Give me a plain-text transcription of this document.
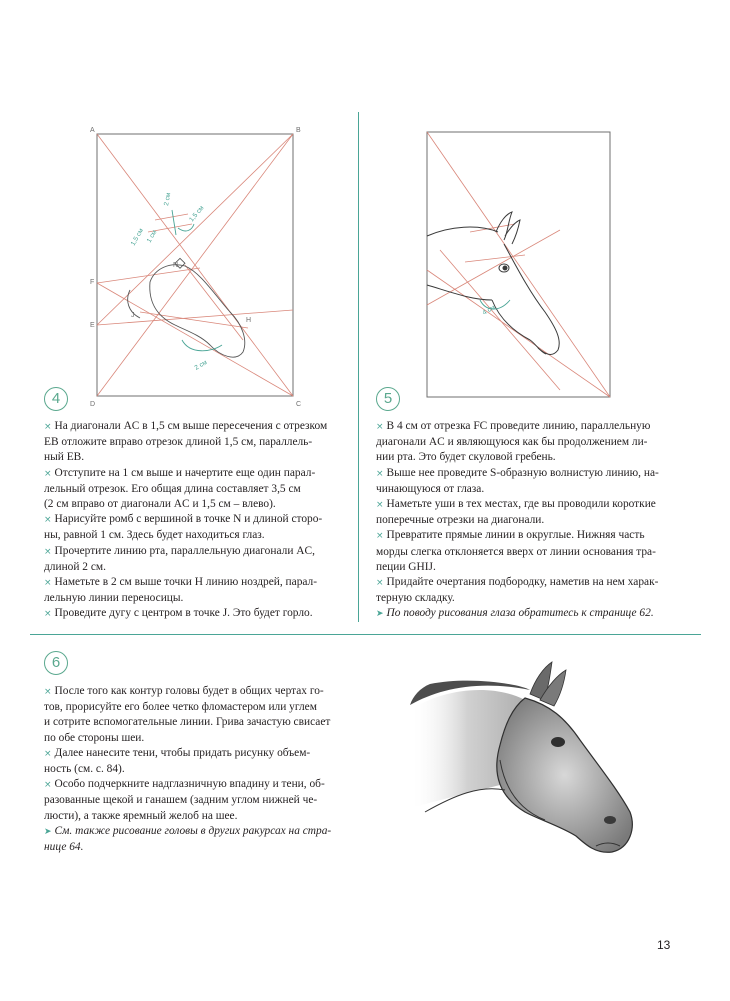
A	B
C
D
F
E
J
N
H
1,5 см 1 см
2 см
1,5 см
2 см
4 см
4	5
6

× На диагонали AC в 1,5 см выше пересечения с отрезком

EB отложите вправо отрезок длиной 1,5 см, параллель-

ный EB.

× Отступите на 1 см выше и начертите еще один парал-

лельный отрезок. Его общая длина составляет 3,5 см

(2 см вправо от диагонали AC и 1,5 см – влево).

× Нарисуйте ромб с вершиной в точке N и длиной сторо-

ны, равной 1 см. Здесь будет находиться глаз.

× Прочертите линию рта, параллельную диагонали AC,

длиной 2 см.

× Наметьте в 2 см выше точки H линию ноздрей, парал-

лельную линии переносицы.

× Проведите дугу с центром в точке J. Это будет горло.

× В 4 см от отрезка FC проведите линию, параллельную

диагонали AC и являющуюся как бы продолжением ли-

нии рта. Это будет скуловой гребень.

× Выше нее проведите S-образную волнистую линию, на-

чинающуюся от глаза.

× Наметьте уши в тех местах, где вы проводили короткие

поперечные отрезки на диагонали.

× Превратите прямые линии в округлые. Нижняя часть

морды слегка отклоняется вверх от линии основания тра-

пеции GHIJ.

× Придайте очертания подбородку, наметив на нем харак-

терную складку.

➤ По поводу рисования глаза обратитесь к странице 62.

× После того как контур головы будет в общих чертах го-

тов, прорисуйте его более четко фломастером или углем

и сотрите вспомогательные линии. Грива зачастую свисает

по обе стороны шеи.

× Далее нанесите тени, чтобы придать рисунку объем-

ность (см. с. 84).

× Особо подчеркните надглазничную впадину и тени, об-

разованные щекой и ганашем (задним углом нижней че-

люсти), а также яремный желоб на шее.

➤ См. также рисование головы в других ракурсах на стра-

нице 64.

13
